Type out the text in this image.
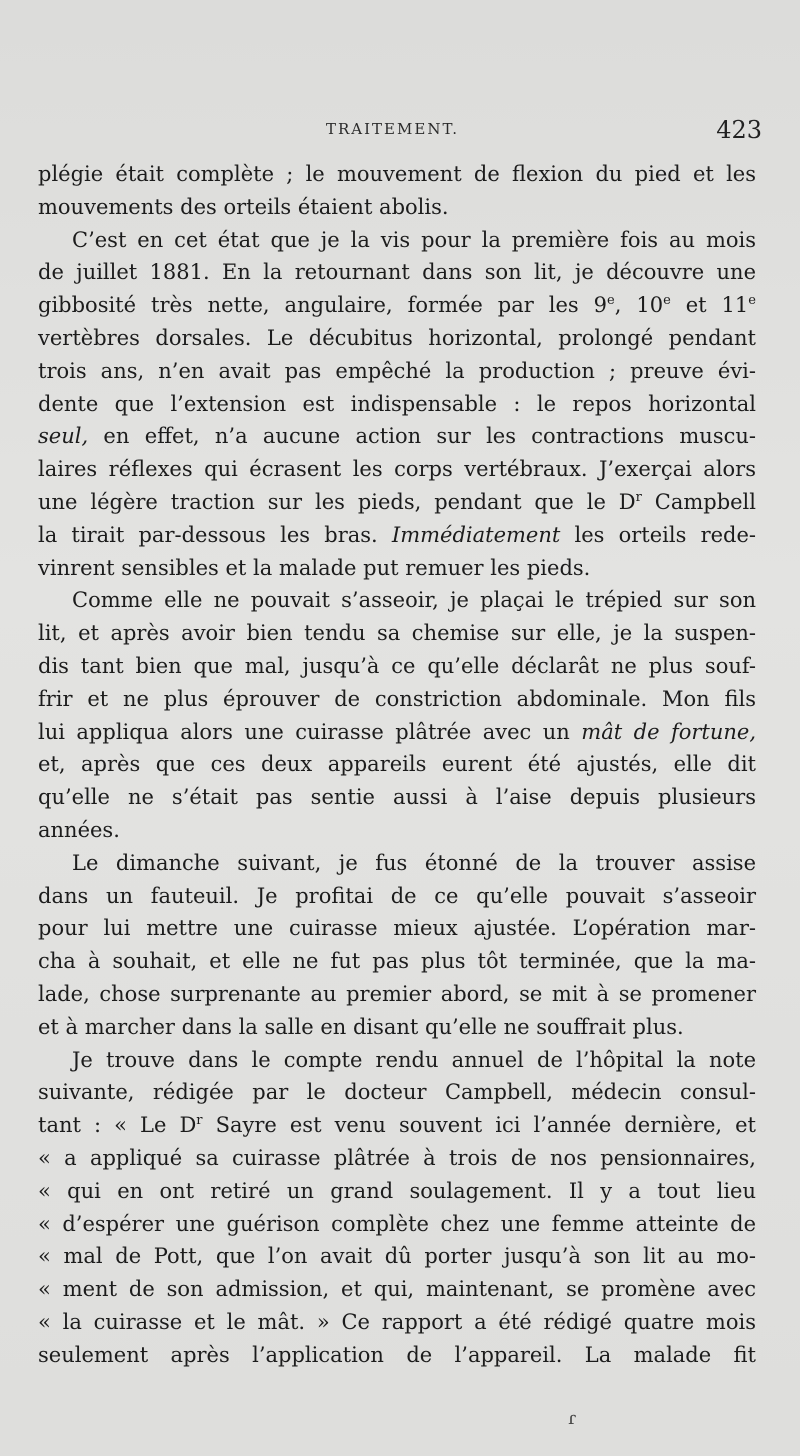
TRAITEMENT.	423
plégie était complète ; le mouvement de flexion du pied et les
mouvements des orteils étaient abolis.
C’est en cet état que je la vis pour la première fois au mois
de juillet 1881. En la retournant dans son lit, je découvre une
gibbosité très nette, angulaire, formée par les 9e, 10e et 11e
vertèbres dorsales. Le décubitus horizontal, prolongé pendant
trois ans, n’en avait pas empêché la production ; preuve évi-
dente que l’extension est indispensable : le repos horizontal
seul, en effet, n’a aucune action sur les contractions muscu-
laires réflexes qui écrasent les corps vertébraux. J’exerçai alors
une légère traction sur les pieds, pendant que le $D^r$ Campbell
la tirait par-dessous les bras. Immédiatement les orteils rede-
vinrent sensibles et la malade put remuer les pieds.
Comme elle ne pouvait s’asseoir, je plaçai le trépied sur son
lit, et après avoir bien tendu sa chemise sur elle, je la suspen-
dis tant bien que mal, jusqu’à ce qu’elle déclarât ne plus souf-
frir et ne plus éprouver de constriction abdominale. Mon fils
lui appliqua alors une cuirasse plâtrée avec un mât de fortune,
et, après que ces deux appareils eurent été ajustés, elle dit
qu’elle ne s’était pas sentie aussi à l’aise depuis plusieurs
années.
Le dimanche suivant, je fus étonné de la trouver assise
dans un fauteuil. Je profitai de ce qu’elle pouvait s’asseoir
pour lui mettre une cuirasse mieux ajustée. L’opération mar-
cha à souhait, et elle ne fut pas plus tôt terminée, que la ma-
lade, chose surprenante au premier abord, se mit à se promener
et à marcher dans la salle en disant qu’elle ne souffrait plus.
Je trouve dans le compte rendu annuel de l’hôpital la note
suivante, rédigée par le docteur Campbell, médecin consul-
tant : « Le $D^r$ Sayre est venu souvent ici l’année dernière, et
« a appliqué sa cuirasse plâtrée à trois de nos pensionnaires,
« qui en ont retiré un grand soulagement. Il y a tout lieu
« d’espérer une guérison complète chez une femme atteinte de
« mal de Pott, que l’on avait dû porter jusqu’à son lit au mo-
« ment de son admission, et qui, maintenant, se promène avec
« la cuirasse et le mât. » Ce rapport a été rédigé quatre mois
seulement après l’application de l’appareil. La malade fit
ɾ
